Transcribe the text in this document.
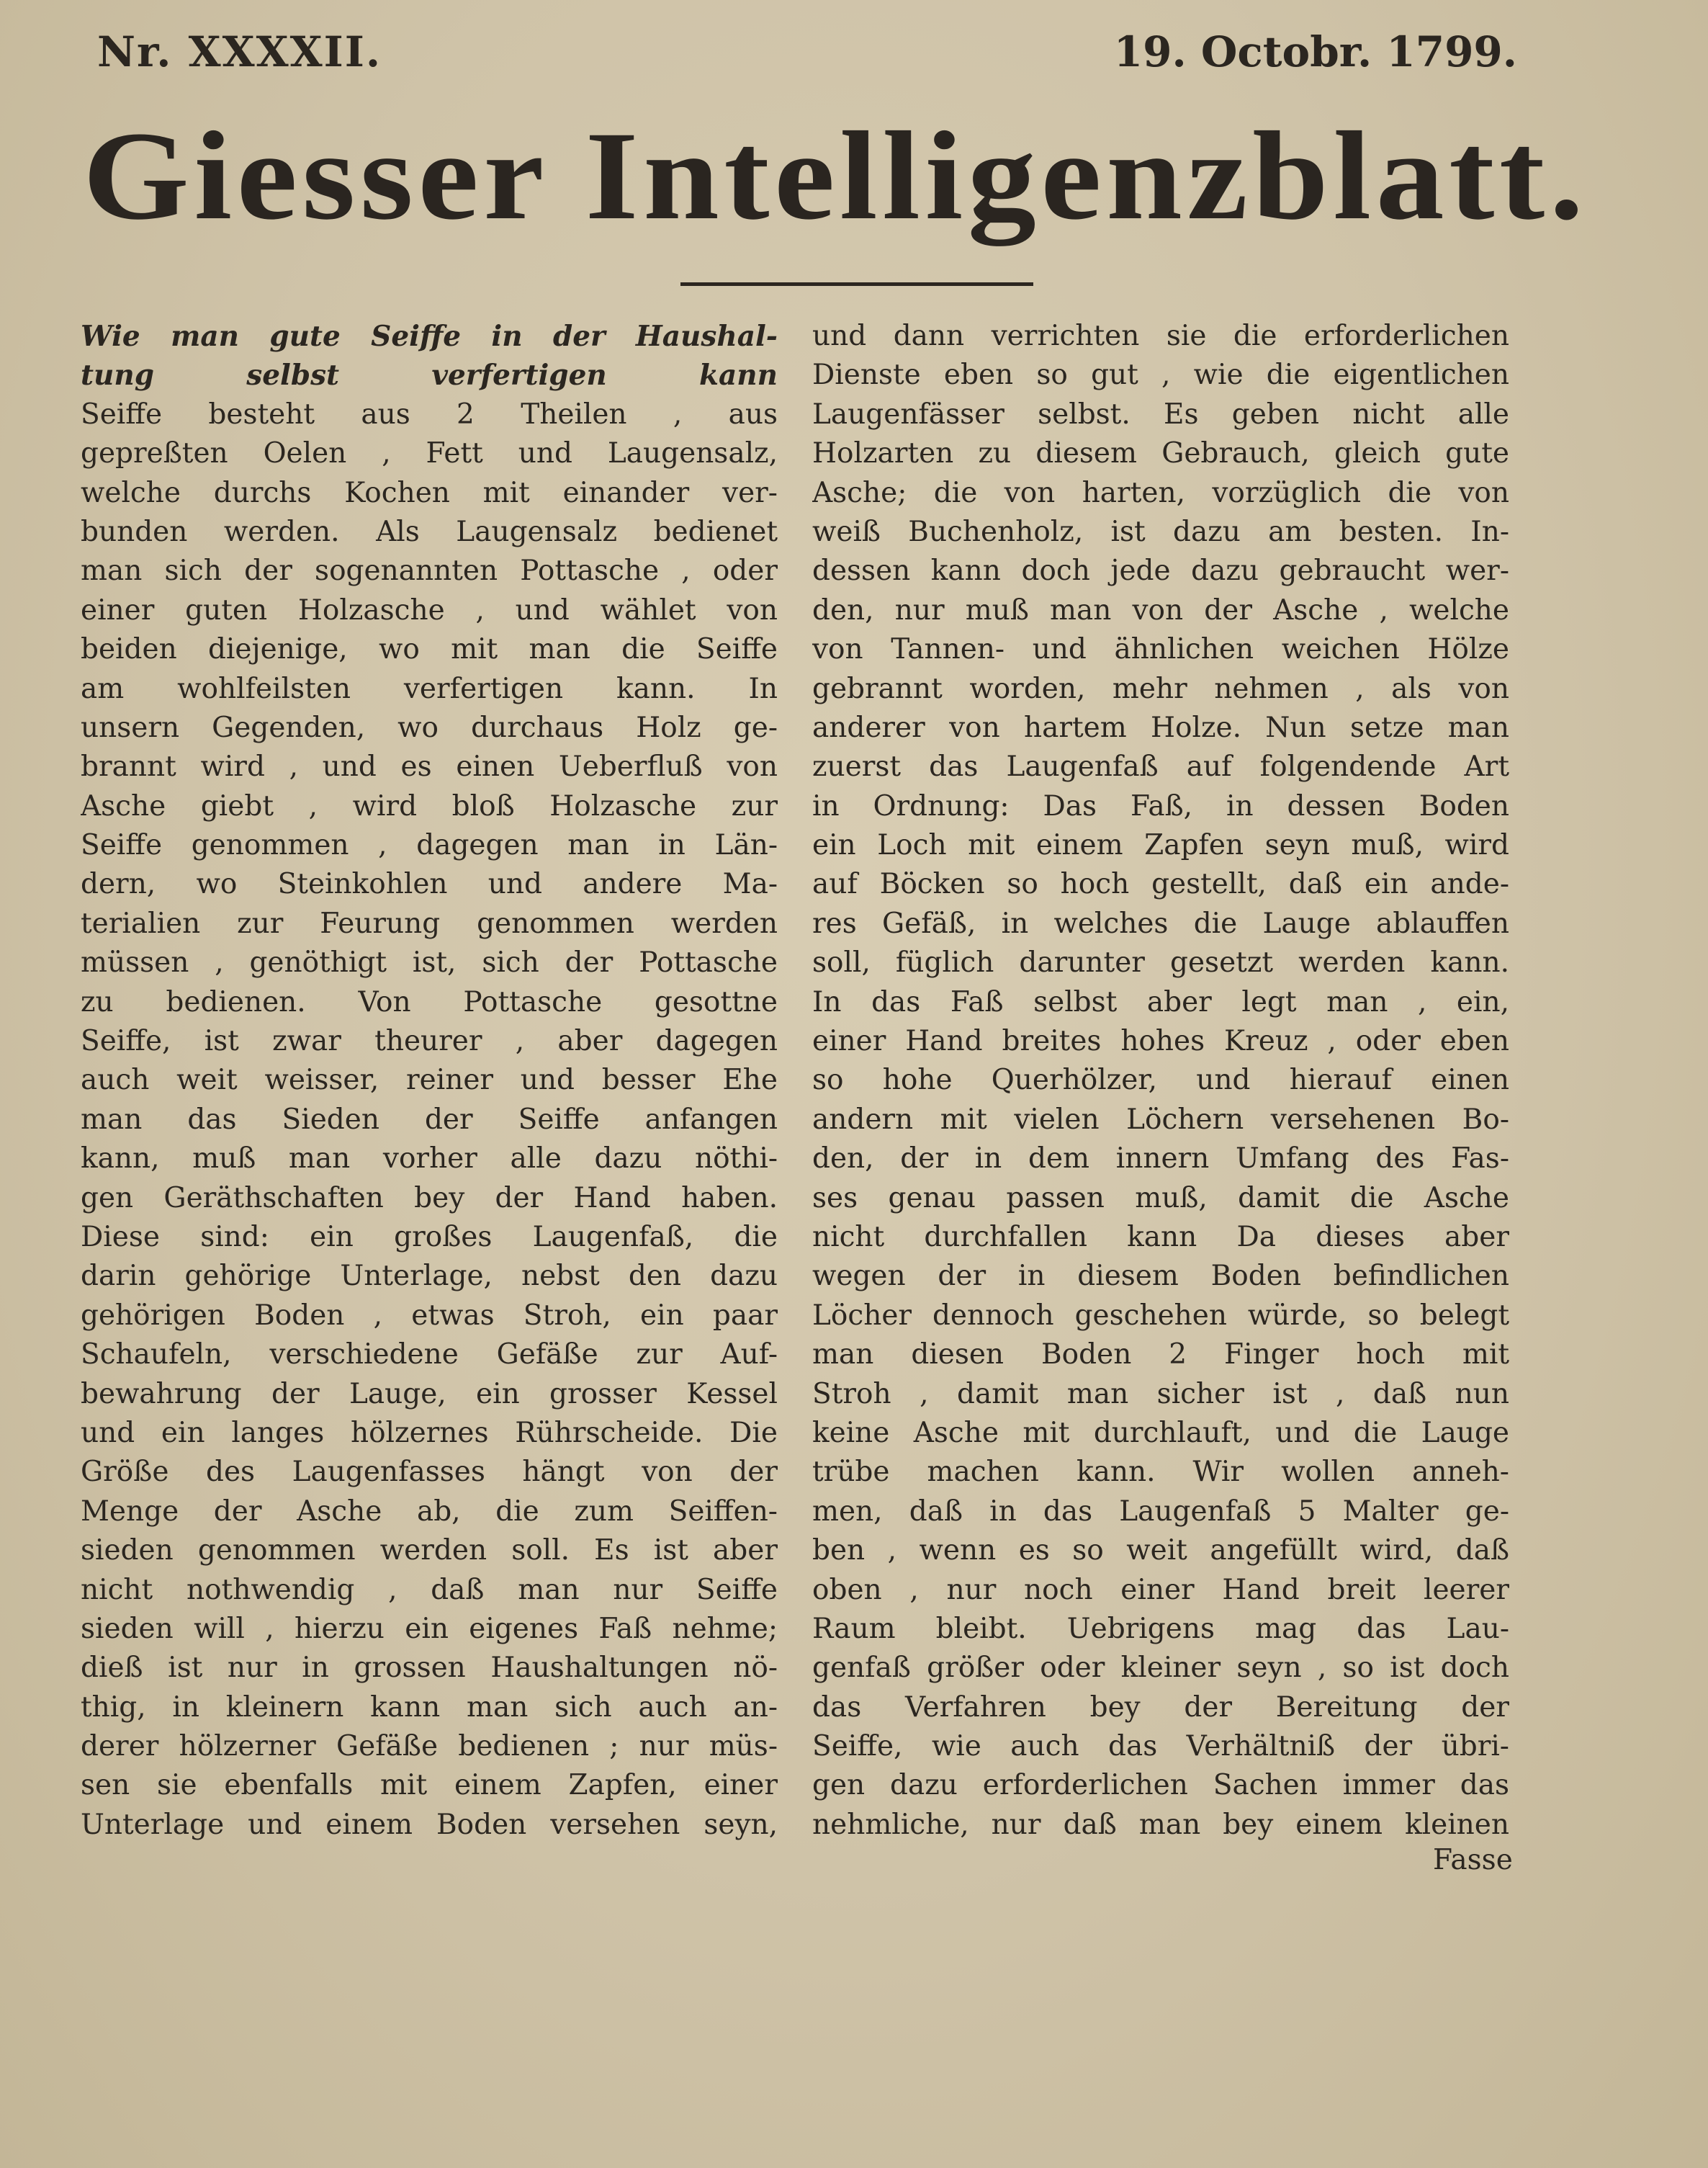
Nr. XXXXII.	19. Octobr. 1799.
Giesser Intelligenzblatt.
Wie man gute Seiffe in der Haushal-
tung selbst verfertigen kann
Seiffe besteht aus 2 Theilen , aus
gepreßten Oelen , Fett und Laugensalz,
welche durchs Kochen mit einander ver-
bunden werden. Als Laugensalz bedienet
man sich der sogenannten Pottasche , oder
einer guten Holzasche , und wählet von
beiden diejenige, wo mit man die Seiffe
am wohlfeilsten verfertigen kann. In
unsern Gegenden, wo durchaus Holz ge-
brannt wird , und es einen Ueberfluß von
Asche giebt , wird bloß Holzasche zur
Seiffe genommen , dagegen man in Län-
dern, wo Steinkohlen und andere Ma-
terialien zur Feurung genommen werden
müssen , genöthigt ist, sich der Pottasche
zu bedienen. Von Pottasche gesottne
Seiffe, ist zwar theurer , aber dagegen
auch weit weisser, reiner und besser Ehe
man das Sieden der Seiffe anfangen
kann, muß man vorher alle dazu nöthi-
gen Geräthschaften bey der Hand haben.
Diese sind: ein großes Laugenfaß, die
darin gehörige Unterlage, nebst den dazu
gehörigen Boden , etwas Stroh, ein paar
Schaufeln, verschiedene Gefäße zur Auf-
bewahrung der Lauge, ein grosser Kessel
und ein langes hölzernes Rührscheide. Die
Größe des Laugenfasses hängt von der
Menge der Asche ab, die zum Seiffen-
sieden genommen werden soll. Es ist aber
nicht nothwendig , daß man nur Seiffe
sieden will , hierzu ein eigenes Faß nehme;
dieß ist nur in grossen Haushaltungen nö-
thig, in kleinern kann man sich auch an-
derer hölzerner Gefäße bedienen ; nur müs-
sen sie ebenfalls mit einem Zapfen, einer
Unterlage und einem Boden versehen seyn,
und dann verrichten sie die erforderlichen
Dienste eben so gut , wie die eigentlichen
Laugenfässer selbst. Es geben nicht alle
Holzarten zu diesem Gebrauch, gleich gute
Asche; die von harten, vorzüglich die von
weiß Buchenholz, ist dazu am besten. In-
dessen kann doch jede dazu gebraucht wer-
den, nur muß man von der Asche , welche
von Tannen- und ähnlichen weichen Hölze
gebrannt worden, mehr nehmen , als von
anderer von hartem Holze. Nun setze man
zuerst das Laugenfaß auf folgendende Art
in Ordnung: Das Faß, in dessen Boden
ein Loch mit einem Zapfen seyn muß, wird
auf Böcken so hoch gestellt, daß ein ande-
res Gefäß, in welches die Lauge ablauffen
soll, füglich darunter gesetzt werden kann.
In das Faß selbst aber legt man , ein,
einer Hand breites hohes Kreuz , oder eben
so hohe Querhölzer, und hierauf einen
andern mit vielen Löchern versehenen Bo-
den, der in dem innern Umfang des Fas-
ses genau passen muß, damit die Asche
nicht durchfallen kann Da dieses aber
wegen der in diesem Boden befindlichen
Löcher dennoch geschehen würde, so belegt
man diesen Boden 2 Finger hoch mit
Stroh , damit man sicher ist , daß nun
keine Asche mit durchlauft, und die Lauge
trübe machen kann. Wir wollen anneh-
men, daß in das Laugenfaß 5 Malter ge-
ben , wenn es so weit angefüllt wird, daß
oben , nur noch einer Hand breit leerer
Raum bleibt. Uebrigens mag das Lau-
genfaß größer oder kleiner seyn , so ist doch
das Verfahren bey der Bereitung der
Seiffe, wie auch das Verhältniß der übri-
gen dazu erforderlichen Sachen immer das
nehmliche, nur daß man bey einem kleinen
Fasse
